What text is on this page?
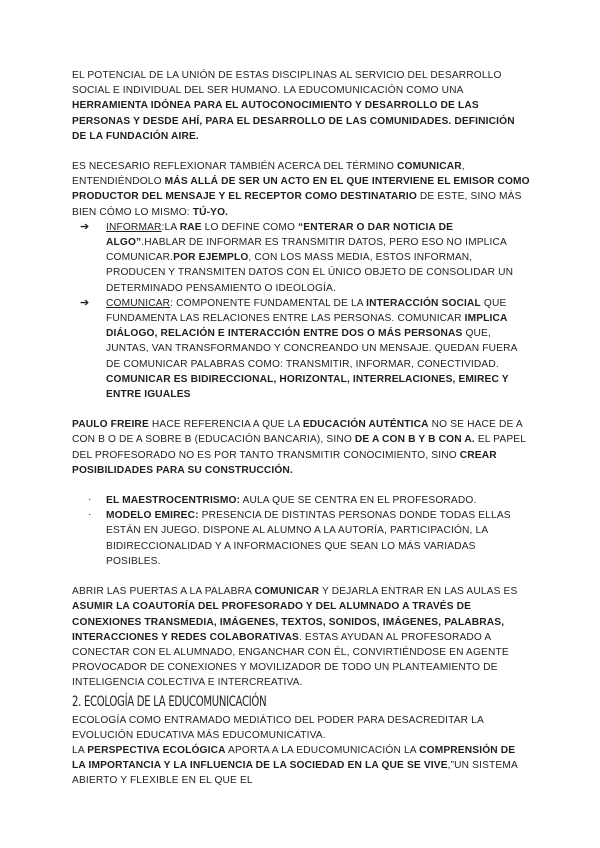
EL POTENCIAL DE LA UNIÓN DE ESTAS DISCIPLINAS AL SERVICIO DEL DESARROLLO SOCIAL E INDIVIDUAL DEL SER HUMANO. LA EDUCOMUNICACIÓN COMO UNA HERRAMIENTA IDÓNEA PARA EL AUTOCONOCIMIENTO Y DESARROLLO DE LAS PERSONAS Y DESDE AHÍ, PARA EL DESARROLLO DE LAS COMUNIDADES. DEFINICIÓN DE LA FUNDACIÓN AIRE.

ES NECESARIO REFLEXIONAR TAMBIÉN ACERCA DEL TÉRMINO COMUNICAR, ENTENDIÉNDOLO MÁS ALLÁ DE SER UN ACTO EN EL QUE INTERVIENE EL EMISOR COMO PRODUCTOR DEL MENSAJE Y EL RECEPTOR COMO DESTINATARIO DE ESTE, SINO MÁS BIEN CÓMO LO MISMO: TÚ-YO.

➔ INFORMAR:LA RAE LO DEFINE COMO “ENTERAR O DAR NOTICIA DE ALGO”.HABLAR DE INFORMAR ES TRANSMITIR DATOS, PERO ESO NO IMPLICA COMUNICAR.POR EJEMPLO, CON LOS MASS MEDIA, ESTOS INFORMAN, PRODUCEN Y TRANSMITEN DATOS CON EL ÚNICO OBJETO DE CONSOLIDAR UN DETERMINADO PENSAMIENTO O IDEOLOGÍA.
➔ COMUNICAR: COMPONENTE FUNDAMENTAL DE LA INTERACCIÓN SOCIAL QUE FUNDAMENTA LAS RELACIONES ENTRE LAS PERSONAS. COMUNICAR IMPLICA DIÁLOGO, RELACIÓN E INTERACCIÓN ENTRE DOS O MÁS PERSONAS QUE, JUNTAS, VAN TRANSFORMANDO Y CONCREANDO UN MENSAJE. QUEDAN FUERA DE COMUNICAR PALABRAS COMO: TRANSMITIR, INFORMAR, CONECTIVIDAD. COMUNICAR ES BIDIRECCIONAL, HORIZONTAL, INTERRELACIONES, EMIREC Y ENTRE IGUALES

PAULO FREIRE HACE REFERENCIA A QUE LA EDUCACIÓN AUTÉNTICA NO SE HACE DE A CON B O DE A SOBRE B (EDUCACIÓN BANCARIA), SINO DE A CON B Y B CON A. EL PAPEL DEL PROFESORADO NO ES POR TANTO TRANSMITIR CONOCIMIENTO, SINO CREAR POSIBILIDADES PARA SU CONSTRUCCIÓN.

· EL MAESTROCENTRISMO: AULA QUE SE CENTRA EN EL PROFESORADO.
· MODELO EMIREC: PRESENCIA DE DISTINTAS PERSONAS DONDE TODAS ELLAS ESTÁN EN JUEGO. DISPONE AL ALUMNO A LA AUTORÍA, PARTICIPACIÓN, LA BIDIRECCIONALIDAD Y A INFORMACIONES QUE SEAN LO MÁS VARIADAS POSIBLES.

ABRIR LAS PUERTAS A LA PALABRA COMUNICAR Y DEJARLA ENTRAR EN LAS AULAS ES ASUMIR LA COAUTORÍA DEL PROFESORADO Y DEL ALUMNADO A TRAVÉS DE CONEXIONES TRANSMEDIA, IMÁGENES, TEXTOS, SONIDOS, IMÁGENES, PALABRAS, INTERACCIONES Y REDES COLABORATIVAS. ESTAS AYUDAN AL PROFESORADO A CONECTAR CON EL ALUMNADO, ENGANCHAR CON ÉL, CONVIRTIÉNDOSE EN AGENTE PROVOCADOR DE CONEXIONES Y MOVILIZADOR DE TODO UN PLANTEAMIENTO DE INTELIGENCIA COLECTIVA E INTERCREATIVA.

2. ECOLOGÍA DE LA EDUCOMUNICACIÓN

ECOLOGÍA COMO ENTRAMADO MEDIÁTICO DEL PODER PARA DESACREDITAR LA EVOLUCIÓN EDUCATIVA MÁS EDUCOMUNICATIVA.

LA PERSPECTIVA ECOLÓGICA APORTA A LA EDUCOMUNICACIÓN LA COMPRENSIÓN DE LA IMPORTANCIA Y LA INFLUENCIA DE LA SOCIEDAD EN LA QUE SE VIVE,”UN SISTEMA ABIERTO Y FLEXIBLE EN EL QUE EL
